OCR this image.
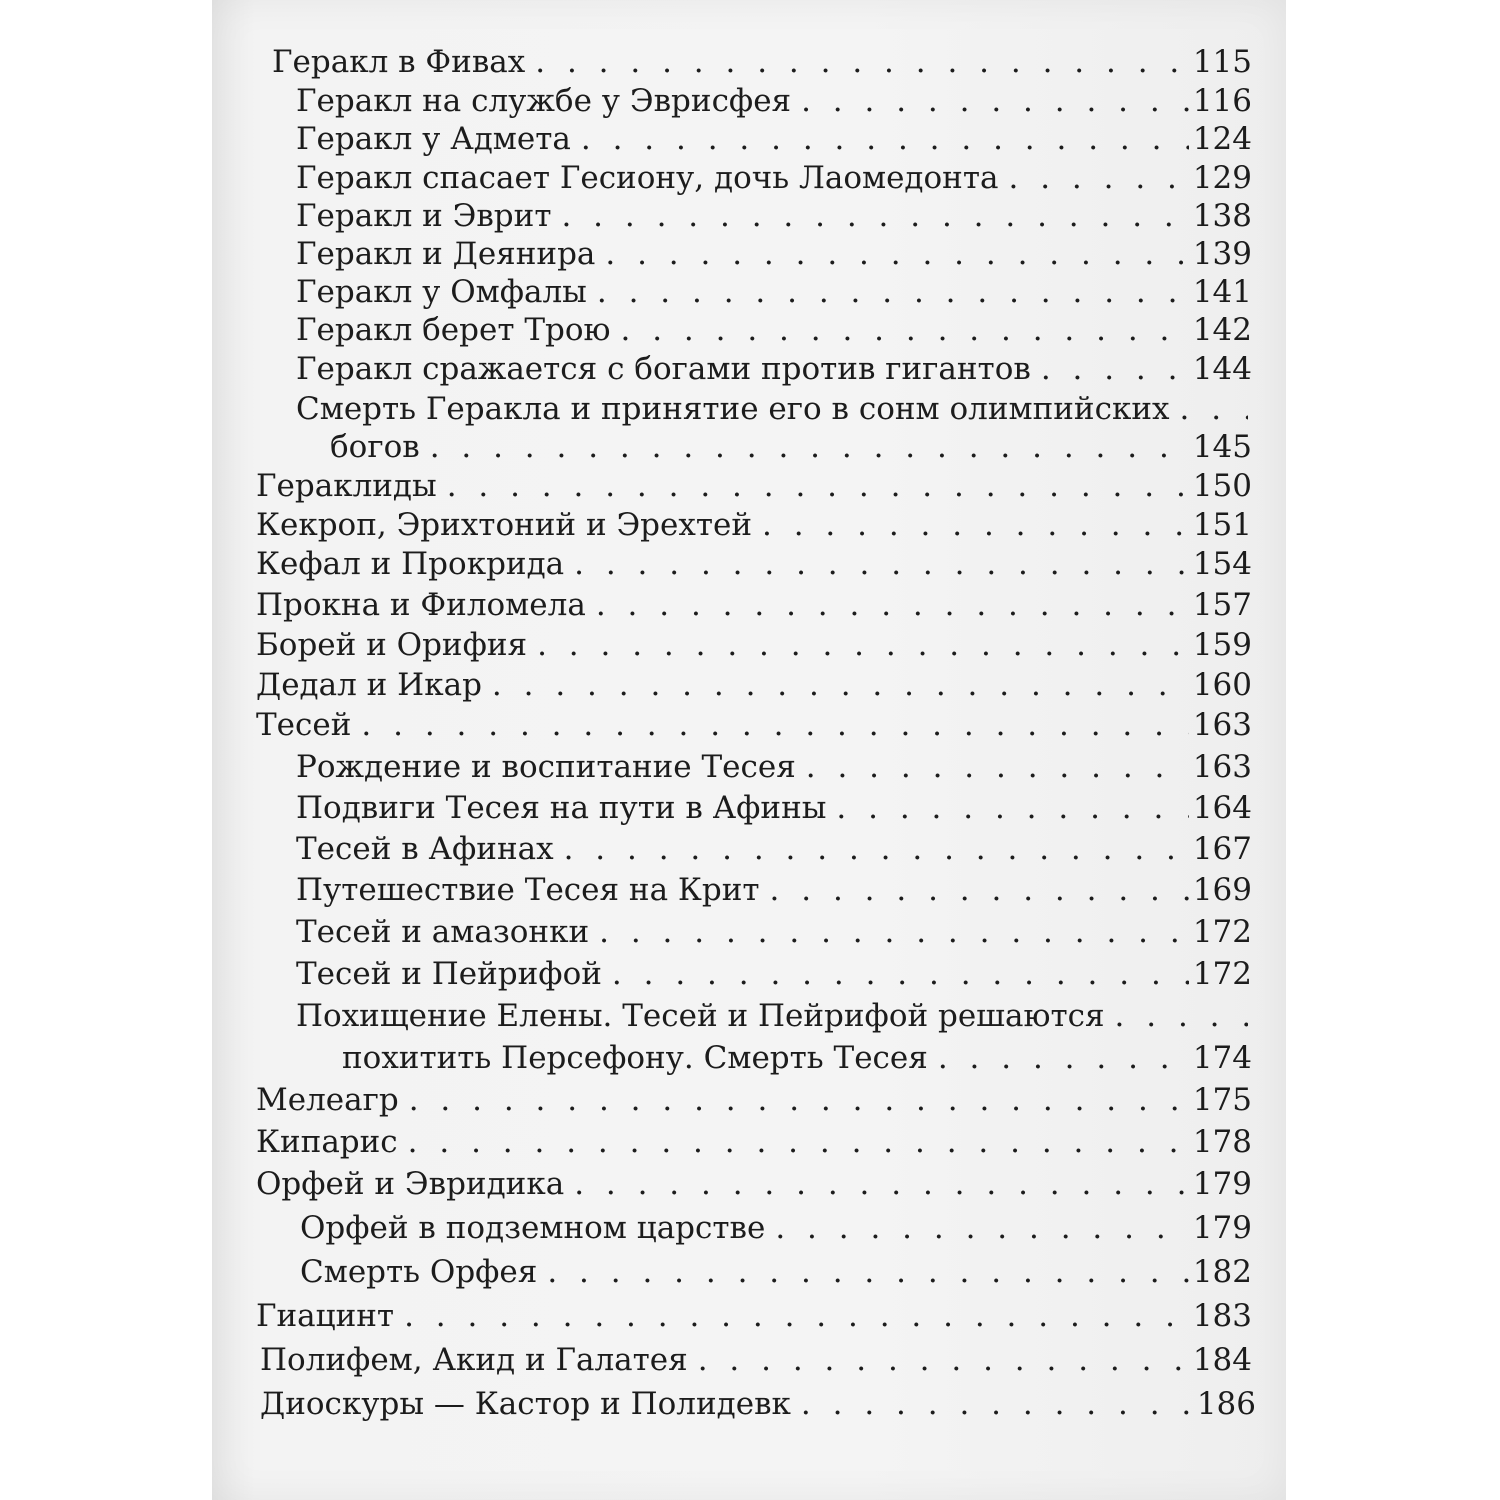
Геракл в Фивах . . .	115
Геракл на службе у Эврисфея . . .	116
Геракл у Адмета . . .	124
Геракл спасает Гесиону, дочь Лаомедонта . . .	129
Геракл и Эврит . . .	138
Геракл и Деянира . . .	139
Геракл у Омфалы . . .	141
Геракл берет Трою . . .	142
Геракл сражается с богами против гигантов . . .	144
Смерть Геракла и принятие его в сонм олимпийских
. . .
богов . . .	145
Гераклиды . . .	150
Кекроп, Эрихтоний и Эрехтей . . .	151
Кефал и Прокрида . . .	154
Прокна и Филомела . . .	157
Борей и Орифия . . .	159
Дедал и Икар . . .	160
Тесей . . .	163
Рождение и воспитание Тесея . . .	163
Подвиги Тесея на пути в Афины . . .	164
Тесей в Афинах . . .	167
Путешествие Тесея на Крит . . .	169
Тесей и амазонки . . .	172
Тесей и Пейрифой . . .	172
Похищение Елены. Тесей и Пейрифой решаются
. . .
похитить Персефону. Смерть Тесея . . .	174
Мелеагр . . .	175
Кипарис . . .	178
Орфей и Эвридика . . .	179
Орфей в подземном царстве . . .	179
Смерть Орфея . . .	182
Гиацинт . . .	183
Полифем, Акид и Галатея . . .	184
Диоскуры — Кастор и Полидевк . . .	186
